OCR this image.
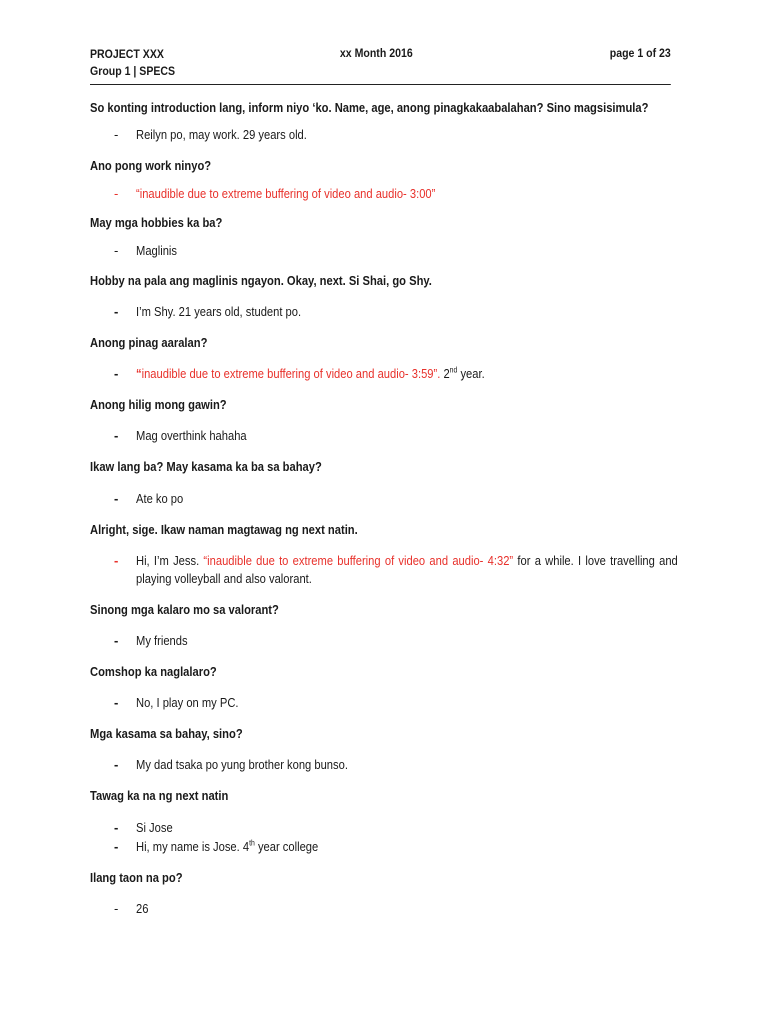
PROJECT XXX
Group 1 | SPECS
xx Month 2016	page 1 of 23
So konting introduction lang, inform niyo ‘ko. Name, age, anong pinagkakaabalahan? Sino magsisimula?
- Reilyn po, may work. 29 years old.
Ano pong work ninyo?
- “inaudible due to extreme buffering of video and audio- 3:00”
May mga hobbies ka ba?
- Maglinis
Hobby na pala ang maglinis ngayon. Okay, next. Si Shai, go Shy.
- I’m Shy. 21 years old, student po.
Anong pinag aaralan?
- “inaudible due to extreme buffering of video and audio- 3:59”. 2nd year.
Anong hilig mong gawin?
- Mag overthink hahaha
Ikaw lang ba? May kasama ka ba sa bahay?
- Ate ko po
Alright, sige. Ikaw naman magtawag ng next natin.
- Hi, I’m Jess. “inaudible due to extreme buffering of video and audio- 4:32” for a while. I love travelling and playing volleyball and also valorant.
Sinong mga kalaro mo sa valorant?
- My friends
Comshop ka naglalaro?
- No, I play on my PC.
Mga kasama sa bahay, sino?
- My dad tsaka po yung brother kong bunso.
Tawag ka na ng next natin
- Si Jose
- Hi, my name is Jose. 4th year college
Ilang taon na po?
- 26
